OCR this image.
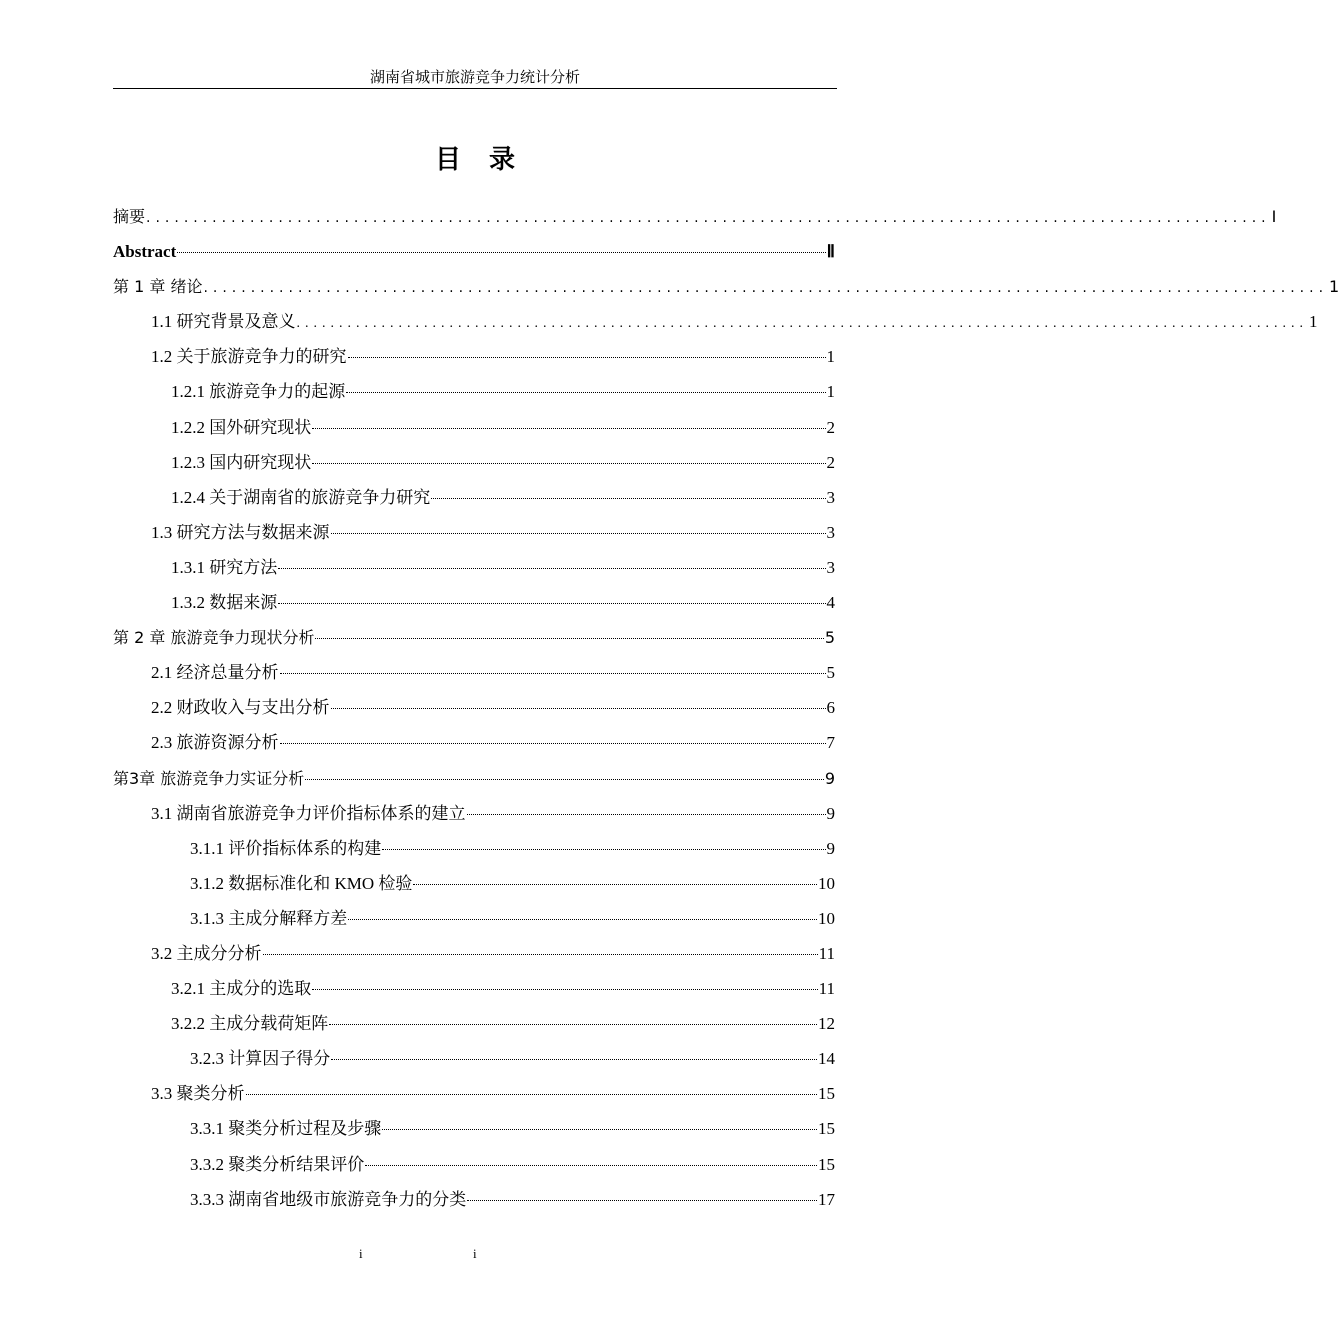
湖南省城市旅游竞争力统计分析
目录
摘要 ....................................................................................................................... Ⅰ
Abstract	Ⅱ
第 1 章 绪论 ....................................................................................................................... 1
1.1 研究背景及意义 ....................................................................................................................... 1
1.2 关于旅游竞争力的研究	1
1.2.1 旅游竞争力的起源	1
1.2.2 国外研究现状	2
1.2.3 国内研究现状	2
1.2.4 关于湖南省的旅游竞争力研究	3
1.3 研究方法与数据来源	3
1.3.1 研究方法	3
1.3.2 数据来源	4
第 2 章 旅游竞争力现状分析	5
2.1 经济总量分析	5
2.2 财政收入与支出分析	6
2.3 旅游资源分析	7
第3章 旅游竞争力实证分析	9
3.1 湖南省旅游竞争力评价指标体系的建立	9
3.1.1 评价指标体系的构建	9
3.1.2 数据标准化和 KMO 检验	10
3.1.3 主成分解释方差	10
3.2 主成分分析	11
3.2.1 主成分的选取	11
3.2.2 主成分载荷矩阵	12
3.2.3 计算因子得分	14
3.3 聚类分析	15
3.3.1 聚类分析过程及步骤	15
3.3.2 聚类分析结果评价	15
3.3.3 湖南省地级市旅游竞争力的分类	17
i	i
